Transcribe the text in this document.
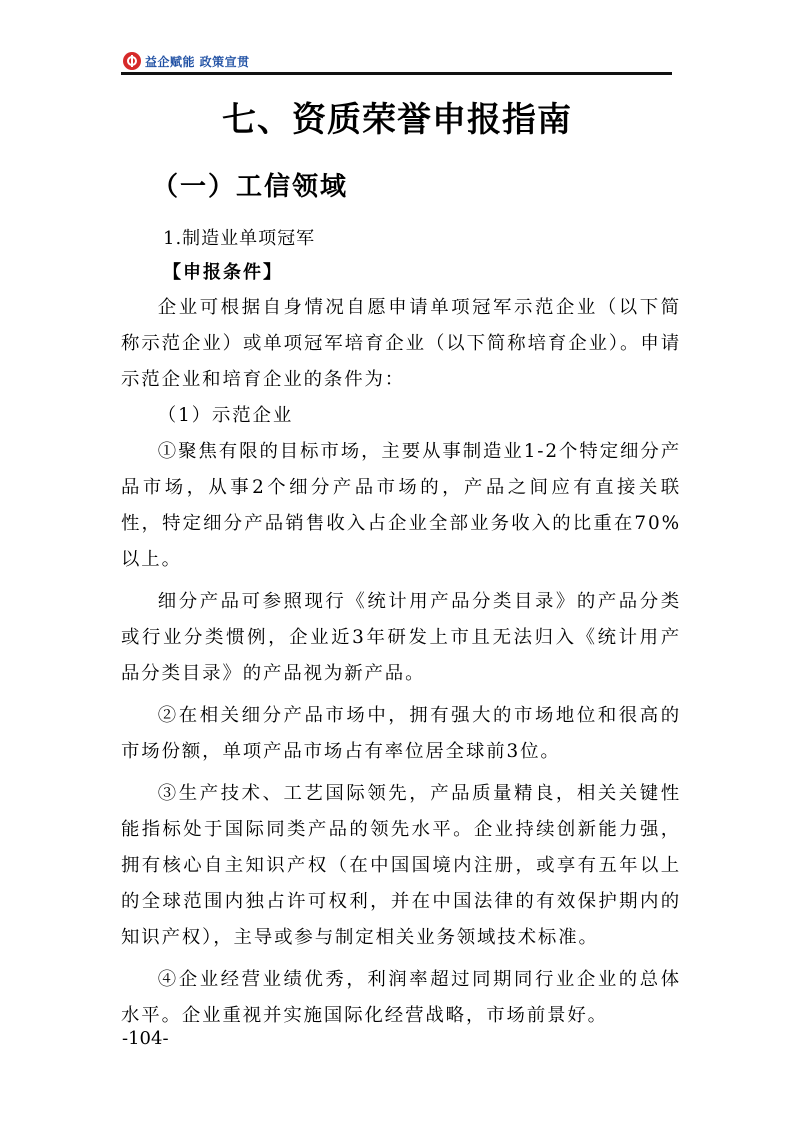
益企赋能 政策宣贯
七、资质荣誉申报指南
（一）工信领域
1.制造业单项冠军
【申报条件】

企业可根据自身情况自愿申请单项冠军示范企业（以下简称示范企业）或单项冠军培育企业（以下简称培育企业）。申请示范企业和培育企业的条件为：

（1）示范企业

①聚焦有限的目标市场，主要从事制造业1-2个特定细分产品市场，从事2个细分产品市场的，产品之间应有直接关联性，特定细分产品销售收入占企业全部业务收入的比重在70%以上。

细分产品可参照现行《统计用产品分类目录》的产品分类或行业分类惯例，企业近3年研发上市且无法归入《统计用产品分类目录》的产品视为新产品。

②在相关细分产品市场中，拥有强大的市场地位和很高的市场份额，单项产品市场占有率位居全球前3位。

③生产技术、工艺国际领先，产品质量精良，相关关键性能指标处于国际同类产品的领先水平。企业持续创新能力强，拥有核心自主知识产权（在中国国境内注册，或享有五年以上的全球范围内独占许可权利，并在中国法律的有效保护期内的知识产权），主导或参与制定相关业务领域技术标准。

④企业经营业绩优秀，利润率超过同期同行业企业的总体水平。企业重视并实施国际化经营战略，市场前景好。

-104-
